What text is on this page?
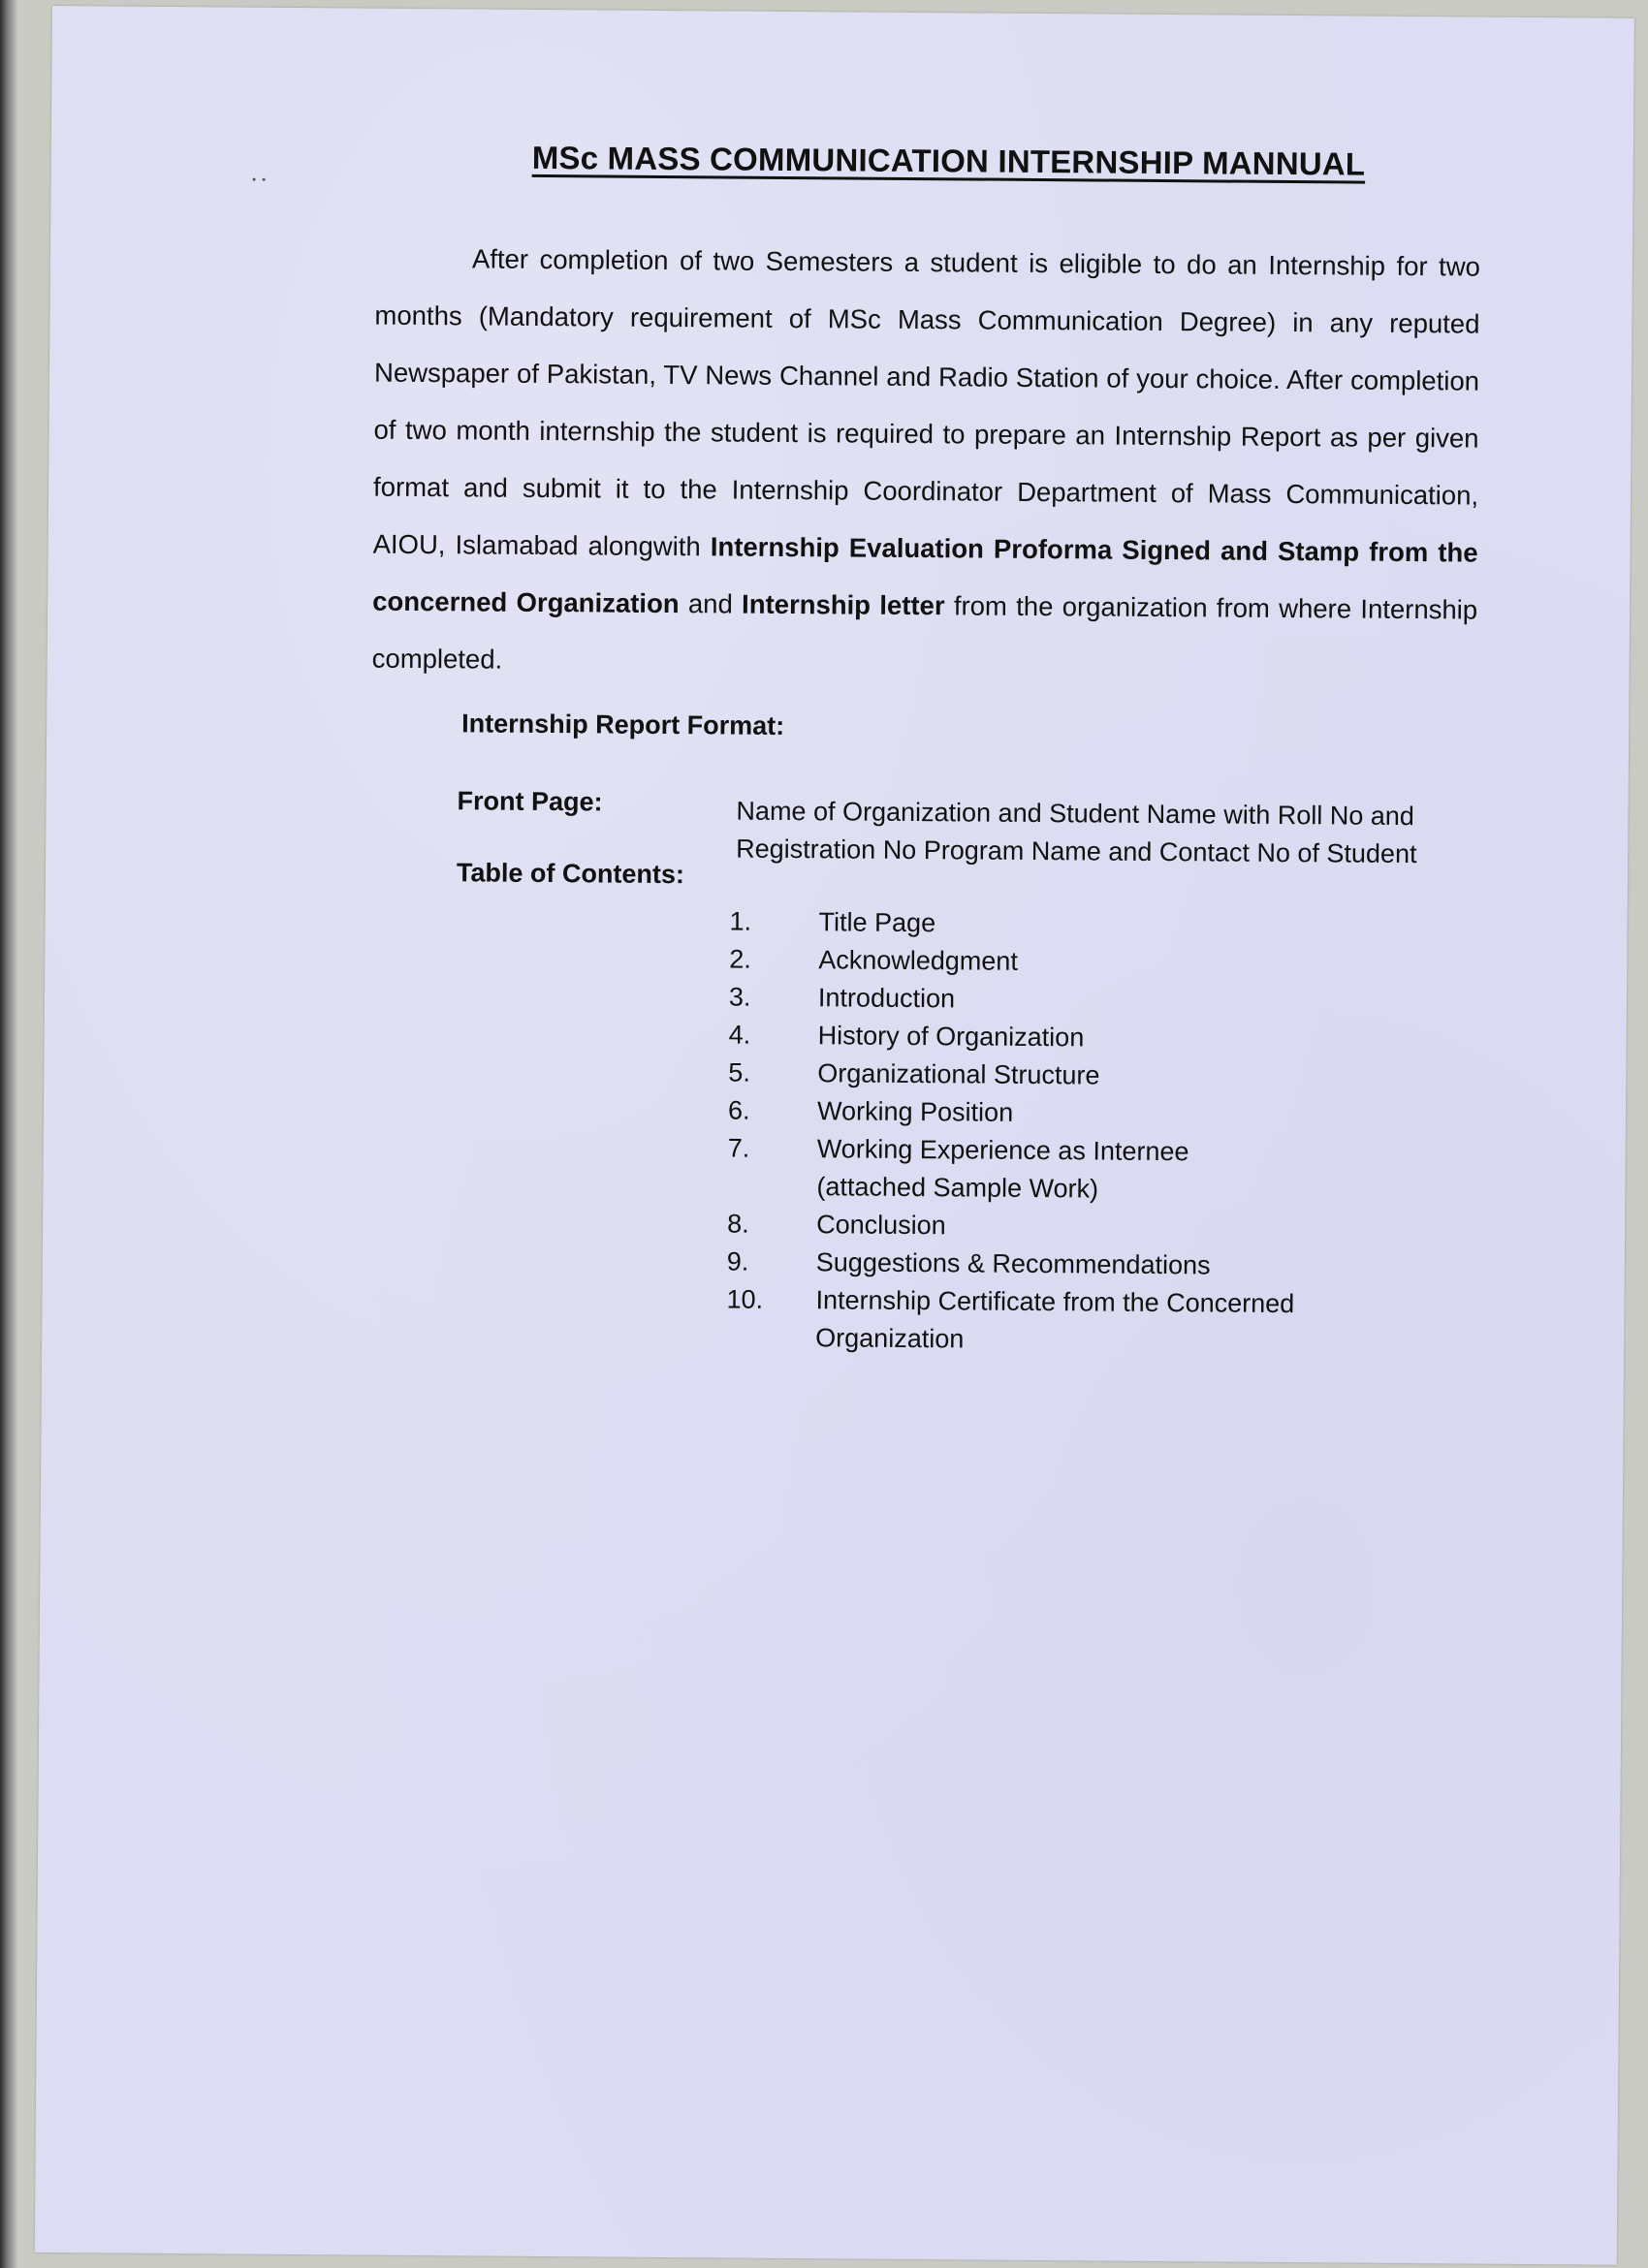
MSc MASS COMMUNICATION INTERNSHIP MANNUAL

After completion of two Semesters a student is eligible to do an Internship for two months (Mandatory requirement of MSc Mass Communication Degree) in any reputed Newspaper of Pakistan, TV News Channel and Radio Station of your choice. After completion of two month internship the student is required to prepare an Internship Report as per given format and submit it to the Internship Coordinator Department of Mass Communication, AIOU, Islamabad alongwith Internship Evaluation Proforma Signed and Stamp from the concerned Organization and Internship letter from the organization from where Internship completed.

Internship Report Format:
Front Page:	Name of Organization and Student Name with Roll No and Registration No Program Name and Contact No of Student
Table of Contents:
1.	Title Page
2.	Acknowledgment
3.	Introduction
4.	History of Organization
5.	Organizational Structure
6.	Working Position
7.	Working Experience as Internee (attached Sample Work)
8.	Conclusion
9.	Suggestions & Recommendations
10.	Internship Certificate from the Concerned Organization
